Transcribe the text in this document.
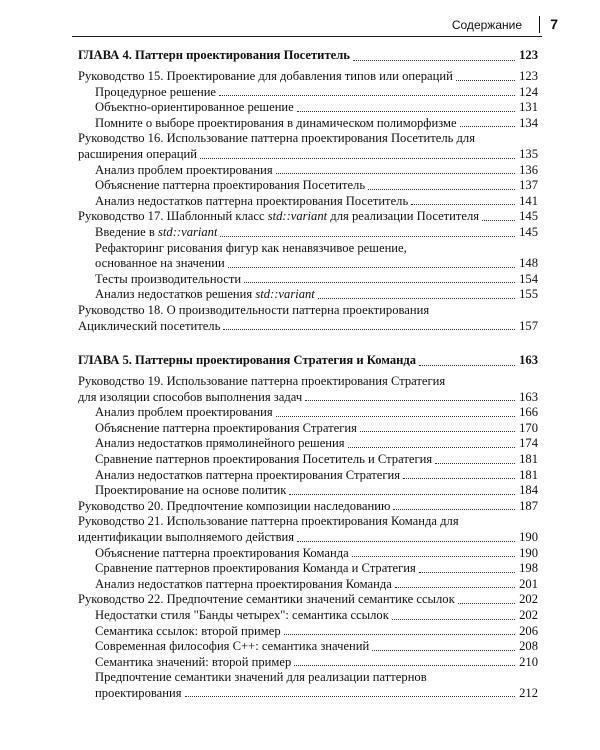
Содержание 7
ГЛАВА 4. Паттерн проектирования Посетитель	123
Руководство 15. Проектирование для добавления типов или операций	123
Процедурное решение	124
Объектно-ориентированное решение	131
Помните о выборе проектирования в динамическом полиморфизме	134
Руководство 16. Использование паттерна проектирования Посетитель для
расширения операций	135
Анализ проблем проектирования	136
Объяснение паттерна проектирования Посетитель	137
Анализ недостатков паттерна проектирования Посетитель	141
Руководство 17. Шаблонный класс std::variant для реализации Посетителя	145
Введение в std::variant	145
Рефакторинг рисования фигур как ненавязчивое решение,
основанное на значении	148
Тесты производительности	154
Анализ недостатков решения std::variant	155
Руководство 18. О производительности паттерна проектирования
Ациклический посетитель	157
ГЛАВА 5. Паттерны проектирования Стратегия и Команда	163
Руководство 19. Использование паттерна проектирования Стратегия
для изоляции способов выполнения задач	163
Анализ проблем проектирования	166
Объяснение паттерна проектирования Стратегия	170
Анализ недостатков прямолинейного решения	174
Сравнение паттернов проектирования Посетитель и Стратегия	181
Анализ недостатков паттерна проектирования Стратегия	181
Проектирование на основе политик	184
Руководство 20. Предпочтение композиции наследованию	187
Руководство 21. Использование паттерна проектирования Команда для
идентификации выполняемого действия	190
Объяснение паттерна проектирования Команда	190
Сравнение паттернов проектирования Команда и Стратегия	198
Анализ недостатков паттерна проектирования Команда	201
Руководство 22. Предпочтение семантики значений семантике ссылок	202
Недостатки стиля "Банды четырех": семантика ссылок	202
Семантика ссылок: второй пример	206
Современная философия С++: семантика значений	208
Семантика значений: второй пример	210
Предпочтение семантики значений для реализации паттернов
проектирования	212
